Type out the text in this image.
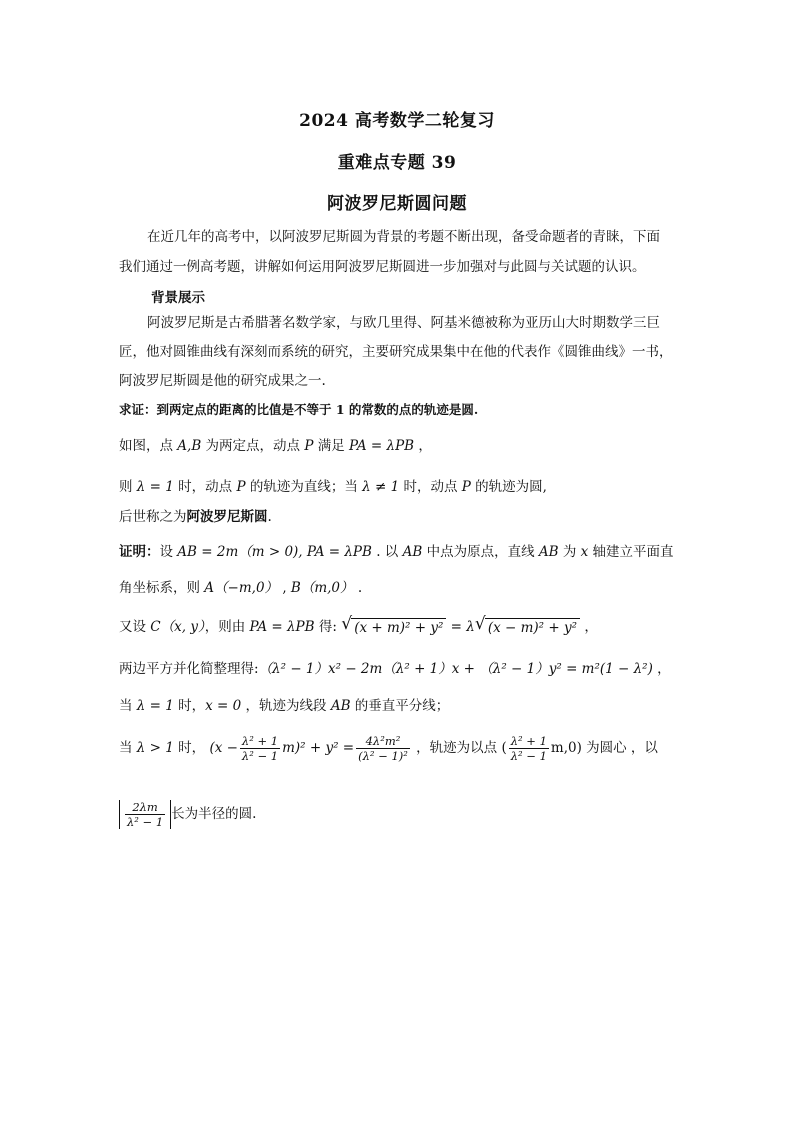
2024 高考数学二轮复习
重难点专题 39
阿波罗尼斯圆问题
在近几年的高考中，以阿波罗尼斯圆为背景的考题不断出现，备受命题者的青睐，下面
我们通过一例高考题，讲解如何运用阿波罗尼斯圆进一步加强对与此圆与关试题的认识。
背景展示
阿波罗尼斯是古希腊著名数学家，与欧几里得、阿基米德被称为亚历山大时期数学三巨
匠，他对圆锥曲线有深刻而系统的研究，主要研究成果集中在他的代表作《圆锥曲线》一书，
阿波罗尼斯圆是他的研究成果之一.
求证：到两定点的距离的比值是不等于 1 的常数的点的轨迹是圆.
如图，点 A,B 为两定点，动点 P 满足 PA = λPB ，
则 λ = 1 时，动点 P 的轨迹为直线；当 λ ≠ 1 时，动点 P 的轨迹为圆,
后世称之为阿波罗尼斯圆.
证明：设 AB = 2m（m > 0), PA = λPB . 以 AB 中点为原点，直线 AB 为 x 轴建立平面直
角坐标系，则 A（−m,0） , B（m,0） .
又设 C（x, y），则由 PA = λPB 得: √ (x + m)² + y² = λ √ (x − m)² + y² ，
两边平方并化简整理得:（λ² − 1）x² − 2m（λ² + 1）x + （λ² − 1）y² = m²(1 − λ²) ，
当 λ = 1 时，x = 0 ，轨迹为线段 AB 的垂直平分线；
当 λ > 1 时， $(x - \frac{\text{λ² + 1}}{\text{λ² − 1}} m)^2 + y^2 = \frac{\text{4λ²m²}}{\text{(λ² − 1)²}}$ ，轨迹为以点 ( $\frac{\text{λ² + 1}}{\text{λ² − 1}} m,0$) 为圆心 ，以
$\frac{2\lambda m}{\text{λ² − 1}}$ 长为半径的圆.
